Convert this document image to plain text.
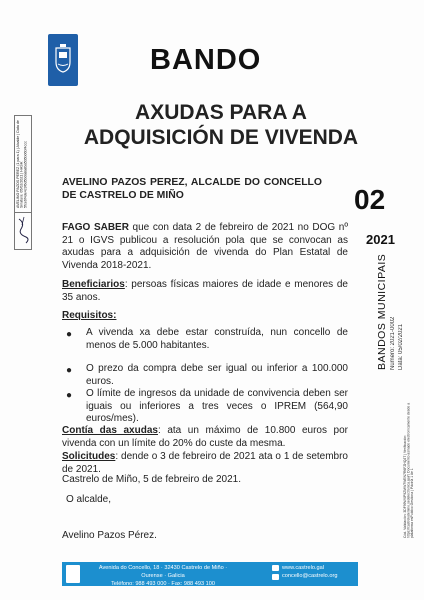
AVELINO PAZOS PEREZ (1 para 1) | Alcalde | Data de Sinatura: 05/02/2021 | HASH: 5fce6f4de4c9f6d5b0a8a8ba5b5b06bf4ccc
BANDO
AXUDAS PARA A
ADQUISICIÓN DE VIVENDA
AVELINO PAZOS PEREZ, ALCALDE DO CONCELLO DE CASTRELO DE MIÑO	02
2021
BANDOS MUNICIPAIS Número: 2021-0002 Data: 05/02/2021
Cód. Validación: 3DF99WXP9ZMW7WEN7R6FZHQJT | Verificación: https://castrelodemino.sedelectronica.gal/ | Documento asinado electronicamente desde a plataforma esPublico Gestiona | Páxina 1 de 1
FAGO SABER que con data 2 de febreiro de 2021 no DOG nº 21 o IGVS publicou a resolución pola que se convocan as axudas para a adquisición de vivenda do Plan Estatal de Vivenda 2018-2021.
Beneficiarios: persoas físicas maiores de idade e menores de 35 anos.
Requisitos:
● A vivenda xa debe estar construída, nun concello de menos de 5.000 habitantes.
● O prezo da compra debe ser igual ou inferior a 100.000 euros.
● O límite de ingresos da unidade de convivencia deben ser iguais ou inferiores a tres veces o IPREM (564,90 euros/mes).
Contía das axudas: ata un máximo de 10.800 euros por vivenda con un límite do 20% do custe da mesma.
Solicitudes: dende o 3 de febreiro de 2021 ata o 1 de setembro de 2021.
Castrelo de Miño, 5 de febreiro de 2021.
O alcalde,
Avelino Pazos Pérez.
Avenida do Concello, 18 · 32430 Castrelo de Miño · Ourense · Galicia
Teléfono: 988 493 000 · Fax: 988 493 100
www.castrelo.gal
concello@castrelo.org
